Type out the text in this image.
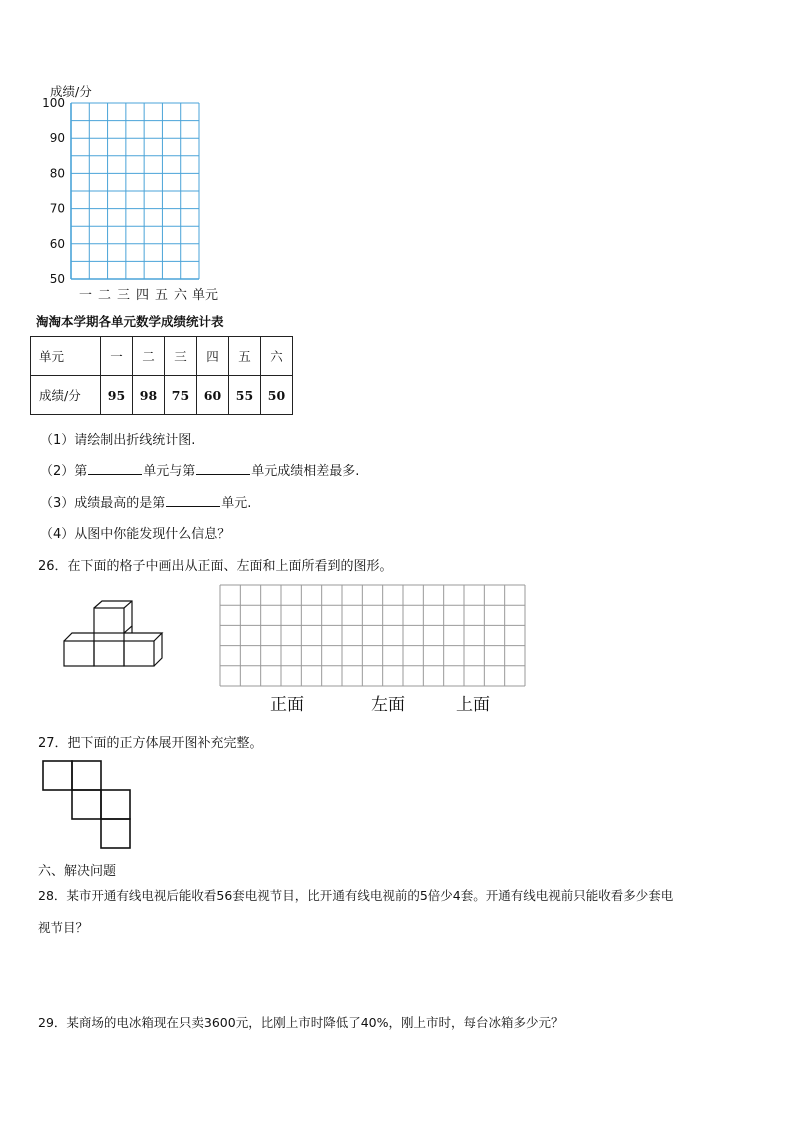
成绩/分
100
90
80
70
60
50
一 二 三 四 五 六 单元
淘淘本学期各单元数学成绩统计表
单元	一	二	三	四	五	六
成绩/分	95	98	75	60	55	50
（1）请绘制出折线统计图.
（2）第	单元与第	单元成绩相差最多.
（3）成绩最高的是第	单元.
（4）从图中你能发现什么信息？
26．在下面的格子中画出从正面、左面和上面所看到的图形。
正面	左面	上面
27．把下面的正方体展开图补充完整。
六、解决问题
28．某市开通有线电视后能收看56套电视节目，比开通有线电视前的5倍少4套。开通有线电视前只能收看多少套电
视节目？
29．某商场的电冰箱现在只卖3600元，比刚上市时降低了40%，刚上市时，每台冰箱多少元？
